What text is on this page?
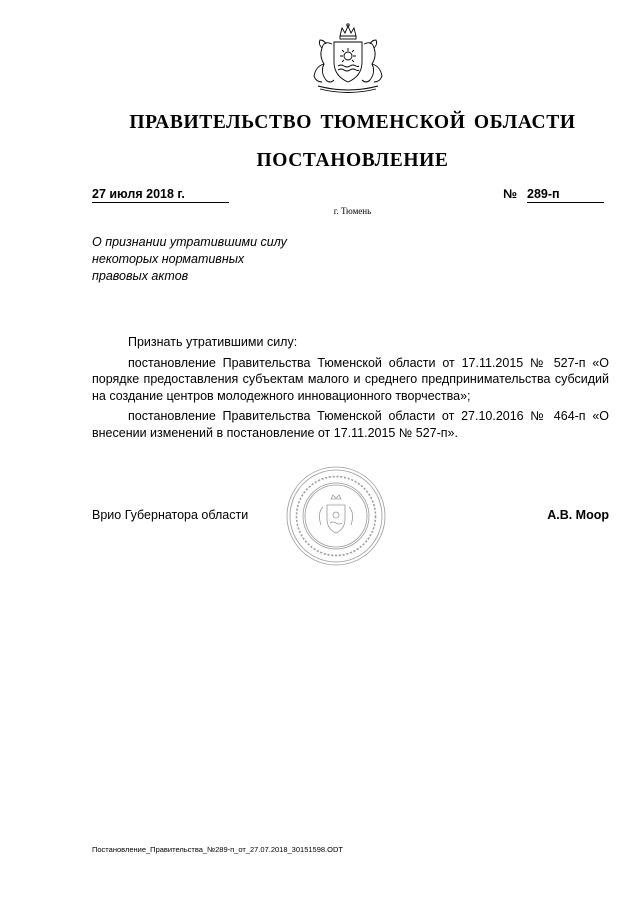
ПРАВИТЕЛЬСТВО ТЮМЕНСКОЙ ОБЛАСТИ
ПОСТАНОВЛЕНИЕ
27 июля 2018 г.	№ 289-п
г. Тюмень
О признании утратившими силу
некоторых нормативных
правовых актов

Признать утратившими силу:

постановление Правительства Тюменской области от 17.11.2015 № 527-п «О порядке предоставления субъектам малого и среднего предпринимательства субсидий на создание центров молодежного инновационного творчества»;

постановление Правительства Тюменской области от 27.10.2016 № 464-п «О внесении изменений в постановление от 17.11.2015 № 527-п».

Врио Губернатора области	А.В. Моор
Постановление_Правительства_№289-п_от_27.07.2018_30151598.ODT
